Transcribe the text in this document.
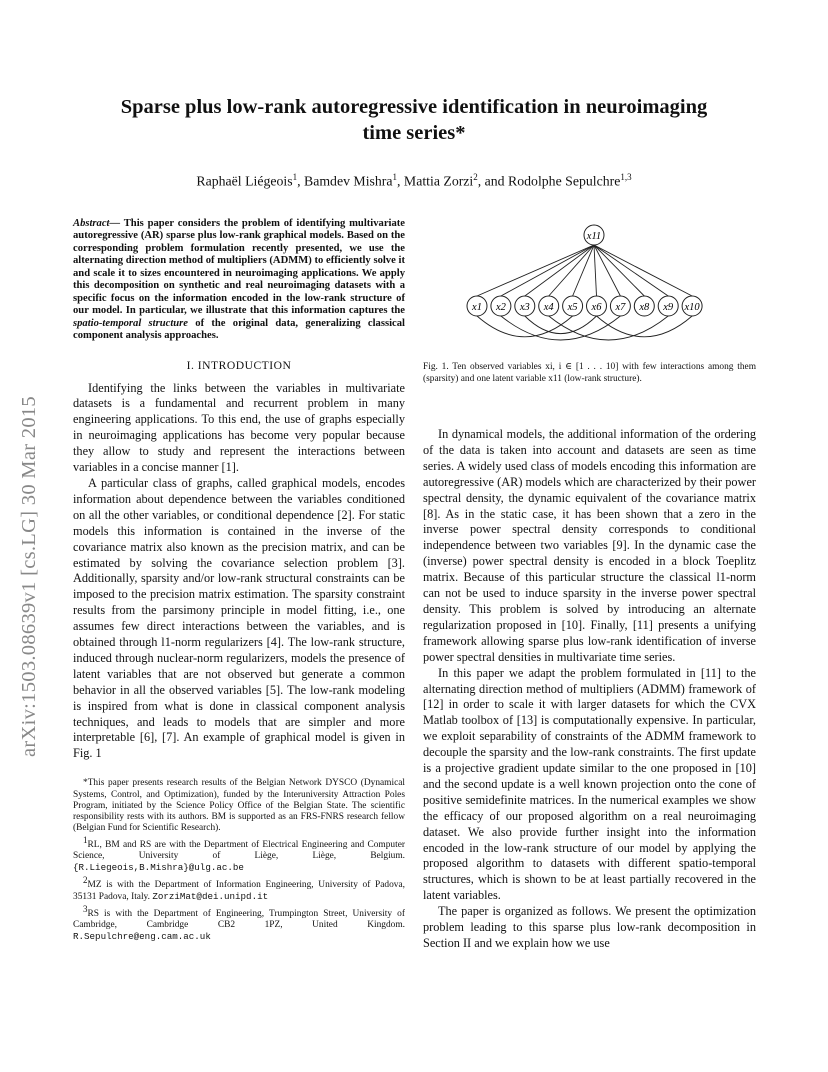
arXiv:1503.08639v1 [cs.LG] 30 Mar 2015
Sparse plus low-rank autoregressive identification in neuroimaging time series*
Raphaël Liégeois$^1$, Bamdev Mishra$^1$, Mattia Zorzi$^2$, and Rodolphe Sepulchre$^{1,3}$
Abstract— This paper considers the problem of identifying multivariate autoregressive (AR) sparse plus low-rank graphical models. Based on the corresponding problem formulation recently presented, we use the alternating direction method of multipliers (ADMM) to efficiently solve it and scale it to sizes encountered in neuroimaging applications. We apply this decomposition on synthetic and real neuroimaging datasets with a specific focus on the information encoded in the low-rank structure of our model. In particular, we illustrate that this information captures the spatio-temporal structure of the original data, generalizing classical component analysis approaches.
I. INTRODUCTION

Identifying the links between the variables in multivariate datasets is a fundamental and recurrent problem in many engineering applications. To this end, the use of graphs especially in neuroimaging applications has become very popular because they allow to study and represent the interactions between variables in a concise manner [1].

A particular class of graphs, called graphical models, encodes information about dependence between the variables conditioned on all the other variables, or conditional dependence [2]. For static models this information is contained in the inverse of the covariance matrix also known as the precision matrix, and can be estimated by solving the covariance selection problem [3]. Additionally, sparsity and/or low-rank structural constraints can be imposed to the precision matrix estimation. The sparsity constraint results from the parsimony principle in model fitting, i.e., one assumes few direct interactions between the variables, and is obtained through l1-norm regularizers [4]. The low-rank structure, induced through nuclear-norm regularizers, models the presence of latent variables that are not observed but generate a common behavior in all the observed variables [5]. The low-rank modeling is inspired from what is done in classical component analysis techniques, and leads to models that are simpler and more interpretable [6], [7]. An example of graphical model is given in Fig. 1

*This paper presents research results of the Belgian Network DYSCO (Dynamical Systems, Control, and Optimization), funded by the Interuniversity Attraction Poles Program, initiated by the Science Policy Office of the Belgian State. The scientific responsibility rests with its authors. BM is supported as an FRS-FNRS research fellow (Belgian Fund for Scientific Research).

$^1$RL, BM and RS are with the Department of Electrical Engineering and Computer Science, University of Liège, Liège, Belgium. {R.Liegeois,B.Mishra}@ulg.ac.be

$^2$MZ is with the Department of Information Engineering, University of Padova, 35131 Padova, Italy. ZorziMat@dei.unipd.it

$^3$RS is with the Department of Engineering, Trumpington Street, University of Cambridge, Cambridge CB2 1PZ, United Kingdom. R.Sepulchre@eng.cam.ac.uk

x11
x1 x2 x3 x4 x5 x6 x7 x8 x9 x10
Fig. 1. Ten observed variables xi, i ∈ [1 . . . 10] with few interactions among them (sparsity) and one latent variable x11 (low-rank structure).

In dynamical models, the additional information of the ordering of the data is taken into account and datasets are seen as time series. A widely used class of models encoding this information are autoregressive (AR) models which are characterized by their power spectral density, the dynamic equivalent of the covariance matrix [8]. As in the static case, it has been shown that a zero in the inverse power spectral density corresponds to conditional independence between two variables [9]. In the dynamic case the (inverse) power spectral density is encoded in a block Toeplitz matrix. Because of this particular structure the classical l1-norm can not be used to induce sparsity in the inverse power spectral density. This problem is solved by introducing an alternate regularization proposed in [10]. Finally, [11] presents a unifying framework allowing sparse plus low-rank identification of inverse power spectral densities in multivariate time series.

In this paper we adapt the problem formulated in [11] to the alternating direction method of multipliers (ADMM) framework of [12] in order to scale it with larger datasets for which the CVX Matlab toolbox of [13] is computationally expensive. In particular, we exploit separability of constraints of the ADMM framework to decouple the sparsity and the low-rank constraints. The first update is a projective gradient update similar to the one proposed in [10] and the second update is a well known projection onto the cone of positive semidefinite matrices. In the numerical examples we show the efficacy of our proposed algorithm on a real neuroimaging dataset. We also provide further insight into the information encoded in the low-rank structure of our model by applying the proposed algorithm to datasets with different spatio-temporal structures, which is shown to be at least partially recovered in the latent variables.

The paper is organized as follows. We present the optimization problem leading to this sparse plus low-rank decomposition in Section II and we explain how we use
